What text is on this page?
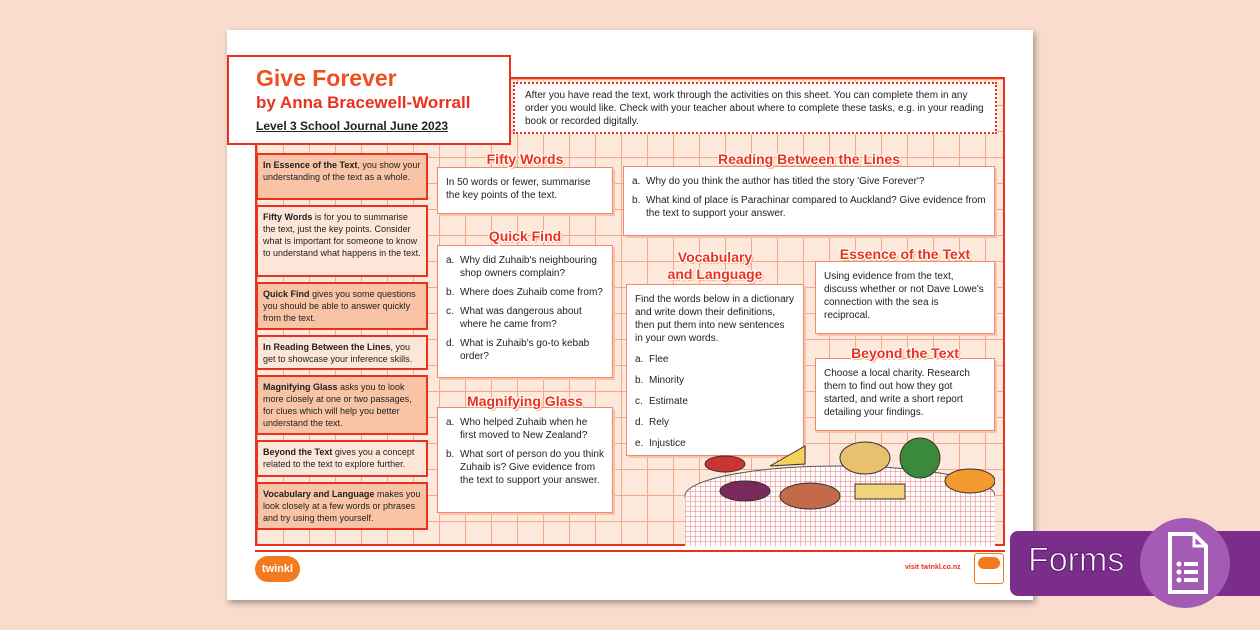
Give Forever
by Anna Bracewell-Worrall
Level 3 School Journal June 2023
After you have read the text, work through the activities on this sheet. You can complete them in any order you would like. Check with your teacher about where to complete these tasks, e.g. in your reading book or recorded digitally.
In Essence of the Text, you show your understanding of the text as a whole.
Fifty Words is for you to summarise the text, just the key points. Consider what is important for someone to know to understand what happens in the text.
Quick Find gives you some questions you should be able to answer quickly from the text.
In Reading Between the Lines, you get to showcase your inference skills.
Magnifying Glass asks you to look more closely at one or two passages, for clues which will help you better understand the text.
Beyond the Text gives you a concept related to the text to explore further.
Vocabulary and Language makes you look closely at a few words or phrases and try using them yourself.
In 50 words or fewer, summarise the key points of the text.
Fifty Words
a. Why did Zuhaib's neighbouring shop owners complain?
b. Where does Zuhaib come from?
c. What was dangerous about where he came from?
d. What is Zuhaib's go-to kebab order?
Quick Find
a. Who helped Zuhaib when he first moved to New Zealand?
b. What sort of person do you think Zuhaib is? Give evidence from the text to support your answer.
Magnifying Glass
a. Why do you think the author has titled the story 'Give Forever'?
b. What kind of place is Parachinar compared to Auckland? Give evidence from the text to support your answer.
Reading Between the Lines
Find the words below in a dictionary and write down their definitions, then put them into new sentences in your own words.
a. Flee
b. Minority
c. Estimate
d. Rely
e. Injustice
Vocabulary
and Language	Using evidence from the text, discuss whether or not Dave Lowe's connection with the sea is reciprocal.
Essence of the Text
Choose a local charity. Research them to find out how they got started, and write a short report detailing your findings.
Beyond the Text
twinkl	visit twinkl.co.nz Forms
